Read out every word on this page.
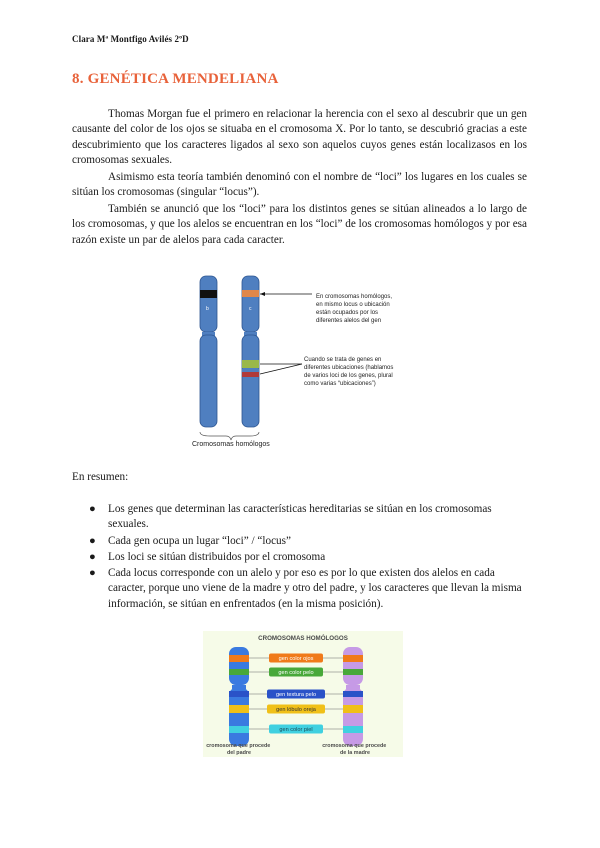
Clara Mª Montfigo Avilés 2ºD
8. GENÉTICA MENDELIANA

Thomas Morgan fue el primero en relacionar la herencia con el sexo al descubrir que un gen causante del color de los ojos se situaba en el cromosoma X. Por lo tanto, se descubrió gracias a este descubrimiento que los caracteres ligados al sexo son aquelos cuyos genes están localizasos en los cromosomas sexuales.

Asimismo esta teoría también denominó con el nombre de “loci” los lugares en los cuales se sitúan los cromosomas (singular “locus”).

También se anunció que los “loci” para los distintos genes se sitúan alineados a lo largo de los cromosomas, y que los alelos se encuentran en los “loci” de los cromosomas homólogos y por esa razón existe un par de alelos para cada caracter.

b	c
En cromosomas homólogos, en mismo locus o ubicación están ocupados por los diferentes alelos del gen
Cuando se trata de genes en diferentes ubicaciones (hablamos de varios loci de los genes, plural como varias “ubicaciones”)
Cromosomas homólogos

En resumen:

● Los genes que determinan las características hereditarias se sitúan en los cromosomas sexuales.
● Cada gen ocupa un lugar “loci” / “locus”
● Los loci se sitúan distribuidos por el cromosoma
● Cada locus corresponde con un alelo y por eso es por lo que existen dos alelos en cada caracter, porque uno viene de la madre y otro del padre, y los caracteres que llevan la misma información, se sitúan en enfrentados (en la misma posición).
CROMOSOMAS HOMÓLOGOS
gen color ojos
gen color pelo
gen textura pelo
gen lóbulo oreja
gen color piel
cromosoma que procede del padre
cromosoma que procede de la madre
